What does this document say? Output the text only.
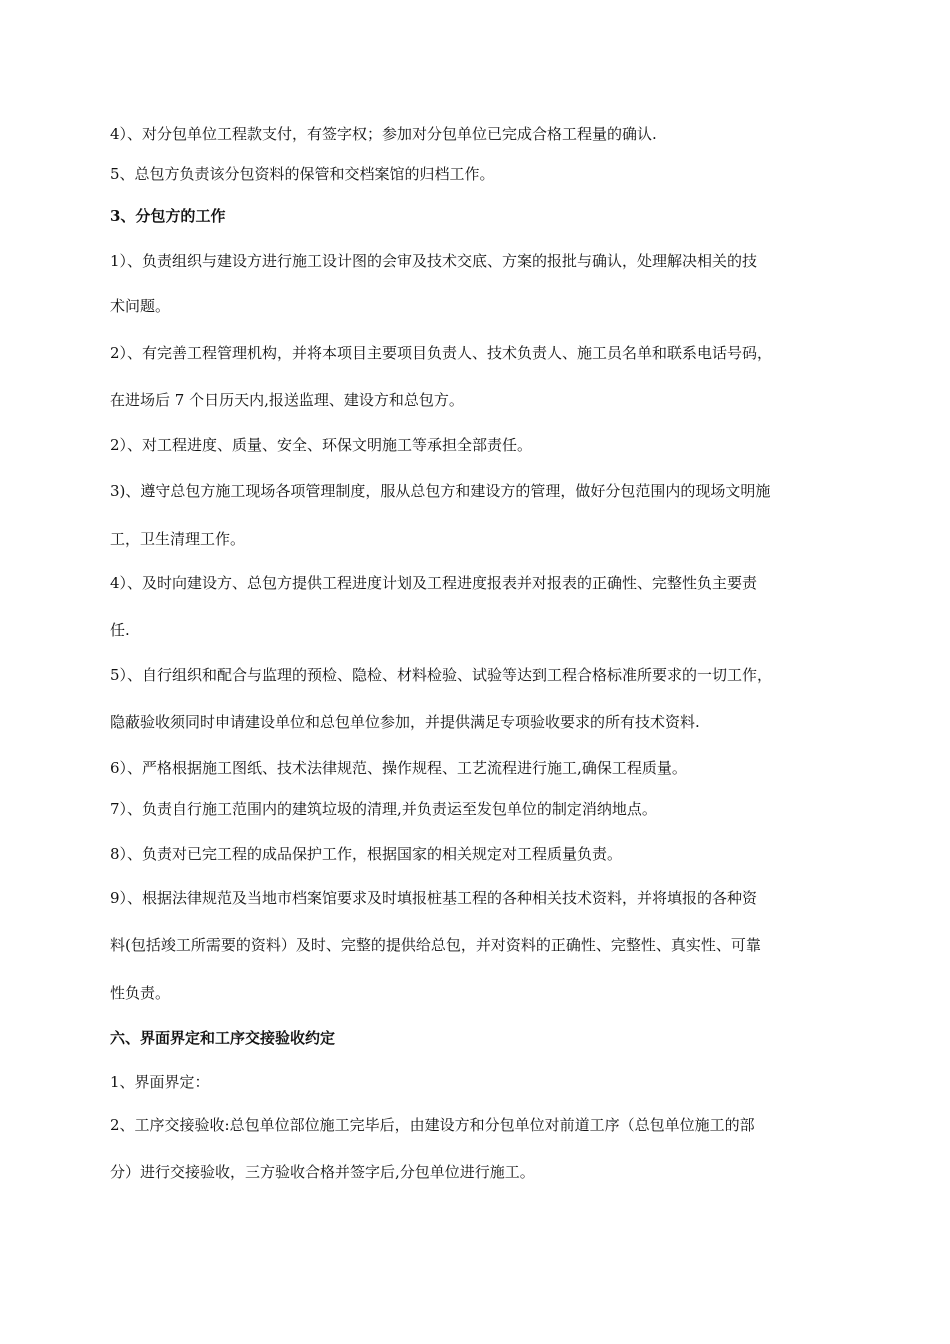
4）、对分包单位工程款支付，有签字权；参加对分包单位已完成合格工程量的确认.
5、总包方负责该分包资料的保管和交档案馆的归档工作。
3、分包方的工作
1）、负责组织与建设方进行施工设计图的会审及技术交底、方案的报批与确认，处理解决相关的技
术问题。
2）、有完善工程管理机构，并将本项目主要项目负责人、技术负责人、施工员名单和联系电话号码，
在进场后 7 个日历天内,报送监理、建设方和总包方。
2）、对工程进度、质量、安全、环保文明施工等承担全部责任。
3)、遵守总包方施工现场各项管理制度，服从总包方和建设方的管理，做好分包范围内的现场文明施
工，卫生清理工作。
4）、及时向建设方、总包方提供工程进度计划及工程进度报表并对报表的正确性、完整性负主要责
任.
5）、自行组织和配合与监理的预检、隐检、材料检验、试验等达到工程合格标准所要求的一切工作，
隐蔽验收须同时申请建设单位和总包单位参加，并提供满足专项验收要求的所有技术资料.
6）、严格根据施工图纸、技术法律规范、操作规程、工艺流程进行施工,确保工程质量。
7）、负责自行施工范围内的建筑垃圾的清理,并负责运至发包单位的制定消纳地点。
8）、负责对已完工程的成品保护工作，根据国家的相关规定对工程质量负责。
9）、根据法律规范及当地市档案馆要求及时填报桩基工程的各种相关技术资料，并将填报的各种资
料(包括竣工所需要的资料）及时、完整的提供给总包，并对资料的正确性、完整性、真实性、可靠
性负责。
六、界面界定和工序交接验收约定
1、界面界定：
2、工序交接验收:总包单位部位施工完毕后，由建设方和分包单位对前道工序（总包单位施工的部
分）进行交接验收，三方验收合格并签字后,分包单位进行施工。
